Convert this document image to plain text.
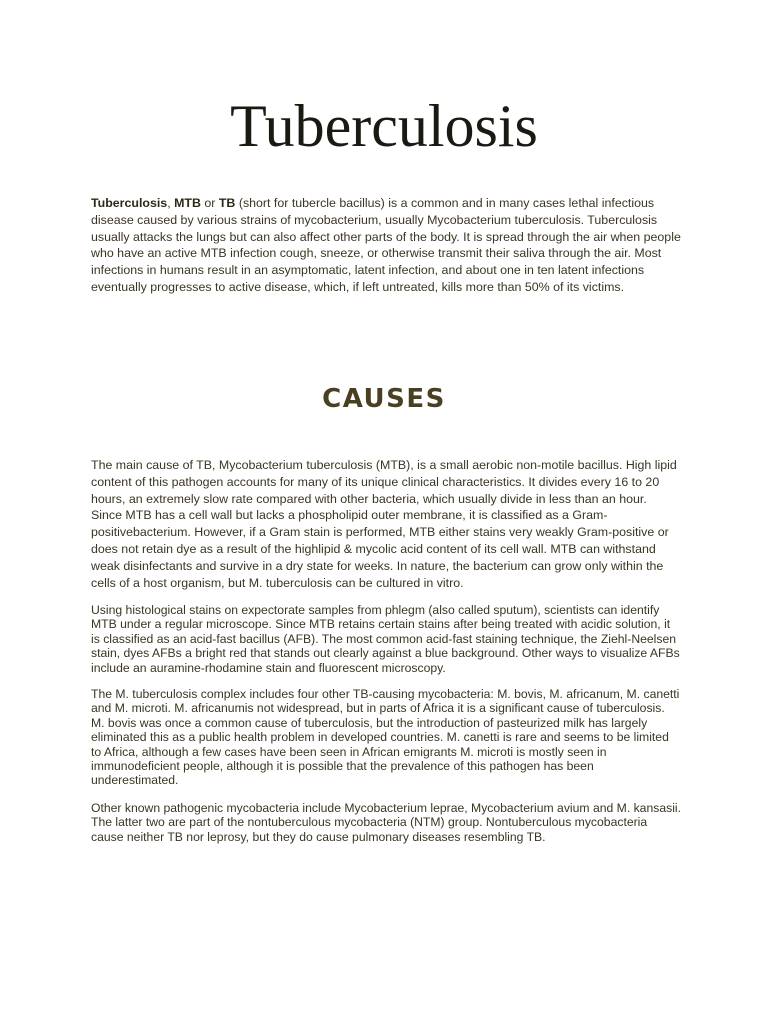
Tuberculosis

Tuberculosis, MTB or TB (short for tubercle bacillus) is a common and in many cases lethal infectious disease caused by various strains of mycobacterium, usually Mycobacterium tuberculosis. Tuberculosis usually attacks the lungs but can also affect other parts of the body. It is spread through the air when people who have an active MTB infection cough, sneeze, or otherwise transmit their saliva through the air. Most infections in humans result in an asymptomatic, latent infection, and about one in ten latent infections eventually progresses to active disease, which, if left untreated, kills more than 50% of its victims.

CAUSES

The main cause of TB, Mycobacterium tuberculosis (MTB), is a small aerobic non-motile bacillus. High lipid content of this pathogen accounts for many of its unique clinical characteristics. It divides every 16 to 20 hours, an extremely slow rate compared with other bacteria, which usually divide in less than an hour. Since MTB has a cell wall but lacks a phospholipid outer membrane, it is classified as a Gram-positivebacterium. However, if a Gram stain is performed, MTB either stains very weakly Gram-positive or does not retain dye as a result of the highlipid & mycolic acid content of its cell wall. MTB can withstand weak disinfectants and survive in a dry state for weeks. In nature, the bacterium can grow only within the cells of a host organism, but M. tuberculosis can be cultured in vitro.

Using histological stains on expectorate samples from phlegm (also called sputum), scientists can identify MTB under a regular microscope. Since MTB retains certain stains after being treated with acidic solution, it is classified as an acid-fast bacillus (AFB). The most common acid-fast staining technique, the Ziehl-Neelsen stain, dyes AFBs a bright red that stands out clearly against a blue background. Other ways to visualize AFBs include an auramine-rhodamine stain and fluorescent microscopy.

The M. tuberculosis complex includes four other TB-causing mycobacteria: M. bovis, M. africanum, M. canetti and M. microti. M. africanumis not widespread, but in parts of Africa it is a significant cause of tuberculosis. M. bovis was once a common cause of tuberculosis, but the introduction of pasteurized milk has largely eliminated this as a public health problem in developed countries. M. canetti is rare and seems to be limited to Africa, although a few cases have been seen in African emigrants M. microti is mostly seen in immunodeficient people, although it is possible that the prevalence of this pathogen has been underestimated.

Other known pathogenic mycobacteria include Mycobacterium leprae, Mycobacterium avium and M. kansasii. The latter two are part of the nontuberculous mycobacteria (NTM) group. Nontuberculous mycobacteria cause neither TB nor leprosy, but they do cause pulmonary diseases resembling TB.
